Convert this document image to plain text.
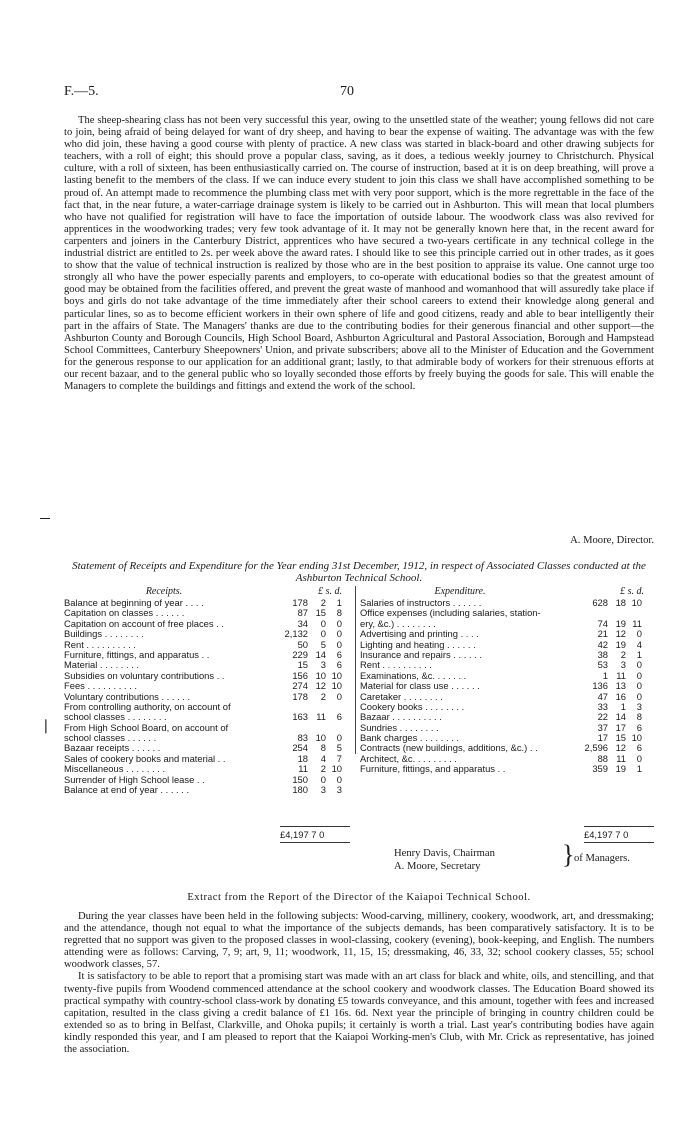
F.—5.	70

The sheep-shearing class has not been very successful this year, owing to the unsettled state of the weather; young fellows did not care to join, being afraid of being delayed for want of dry sheep, and having to bear the expense of waiting. The advantage was with the few who did join, these having a good course with plenty of practice. A new class was started in black-board and other drawing subjects for teachers, with a roll of eight; this should prove a popular class, saving, as it does, a tedious weekly journey to Christchurch. Physical culture, with a roll of sixteen, has been enthusiastically carried on. The course of instruction, based at it is on deep breathing, will prove a lasting benefit to the members of the class. If we can induce every student to join this class we shall have accomplished something to be proud of. An attempt made to recommence the plumbing class met with very poor support, which is the more regrettable in the face of the fact that, in the near future, a water-carriage drainage system is likely to be carried out in Ashburton. This will mean that local plumbers who have not qualified for registration will have to face the importation of outside labour. The woodwork class was also revived for apprentices in the woodworking trades; very few took advantage of it. It may not be generally known here that, in the recent award for carpenters and joiners in the Canterbury District, apprentices who have secured a two-years certificate in any technical college in the industrial district are entitled to 2s. per week above the award rates. I should like to see this principle carried out in other trades, as it goes to show that the value of technical instruction is realized by those who are in the best position to appraise its value. One cannot urge too strongly all who have the power especially parents and employers, to co-operate with educational bodies so that the greatest amount of good may be obtained from the facilities offered, and prevent the great waste of manhood and womanhood that will assuredly take place if boys and girls do not take advantage of the time immediately after their school careers to extend their knowledge along general and particular lines, so as to become efficient workers in their own sphere of life and good citizens, ready and able to bear intelligently their part in the affairs of State. The Managers' thanks are due to the contributing bodies for their generous financial and other support—the Ashburton County and Borough Councils, High School Board, Ashburton Agricultural and Pastoral Association, Borough and Hampstead School Committees, Canterbury Sheepowners' Union, and private subscribers; above all to the Minister of Education and the Government for the generous response to our application for an additional grant; lastly, to that admirable body of workers for their strenuous efforts at our recent bazaar, and to the general public who so loyally seconded those efforts by freely buying the goods for sale. This will enable the Managers to complete the buildings and fittings and extend the work of the school.

A. Moore, Director.
Statement of Receipts and Expenditure for the Year ending 31st December, 1912, in respect of Associated Classes conducted at the Ashburton Technical School.
Receipts.	£ s. d.
Balance at beginning of year . . . .	178	2	1
Capitation on classes . . . . . .	87 15	8
Capitation on account of free places . .	34	0	0
Buildings . . . . . . . .	2,132	0	0
Rent . . . . . . . . . .	50	5	0
Furniture, fittings, and apparatus . .	229 14	6
Material . . . . . . . .	15	3	6
Subsidies on voluntary contributions . .	156 10 10
Fees . . . . . . . . . .	274 12 10
Voluntary contributions . . . . . .	178	2	0
From controlling authority, on account of
school classes . . . . . . . .	163 11	6
From High School Board, on account of
school classes . . . . . .	83 10	0
Bazaar receipts . . . . . .	254	8	5
Sales of cookery books and material . .	18	4	7
Miscellaneous . . . . . . . .	11	2 10
Surrender of High School lease . .	150	0	0
Balance at end of year . . . . . .	180	3	3
Expenditure.	£ s. d.
Salaries of instructors . . . . . .	628 18 10
Office expenses (including salaries, station-
ery, &c.) . . . . . . . .	74 19 11
Advertising and printing . . . .	21 12	0
Lighting and heating . . . . . .	42 19	4
Insurance and repairs . . . . . .	38	2	1
Rent . . . . . . . . . .	53	3	0
Examinations, &c. . . . . . .	1 11	0
Material for class use . . . . . .	136 13	0
Caretaker . . . . . . . .	47 16	0
Cookery books . . . . . . . .	33	1	3
Bazaar . . . . . . . . . .	22 14	8
Sundries . . . . . . . .	37 17	6
Bank charges . . . . . . . .	17 15 10
Contracts (new buildings, additions, &c.) . .	2,596 12	6
Architect, &c. . . . . . . . .	88 11	0
Furniture, fittings, and apparatus . .	359 19	1
£4,197 7 0	£4,197 7 0
❘
Henry Davis, Chairman
A. Moore, Secretary	} of Managers.
Extract from the Report of the Director of the Kaiapoi Technical School.

During the year classes have been held in the following subjects: Wood-carving, millinery, cookery, woodwork, art, and dressmaking; and the attendance, though not equal to what the importance of the subjects demands, has been comparatively satisfactory. It is to be regretted that no support was given to the proposed classes in wool-classing, cookery (evening), book-keeping, and English. The numbers attending were as follows: Carving, 7, 9; art, 9, 11; woodwork, 11, 15, 15; dressmaking, 46, 33, 32; school cookery classes, 55; school woodwork classes, 57.

It is satisfactory to be able to report that a promising start was made with an art class for black and white, oils, and stencilling, and that twenty-five pupils from Woodend commenced attendance at the school cookery and woodwork classes. The Education Board showed its practical sympathy with country-school class-work by donating £5 towards conveyance, and this amount, together with fees and increased capitation, resulted in the class giving a credit balance of £1 16s. 6d. Next year the principle of bringing in country children could be extended so as to bring in Belfast, Clarkville, and Ohoka pupils; it certainly is worth a trial. Last year's contributing bodies have again kindly responded this year, and I am pleased to report that the Kaiapoi Working-men's Club, with Mr. Crick as representative, has joined the association.
